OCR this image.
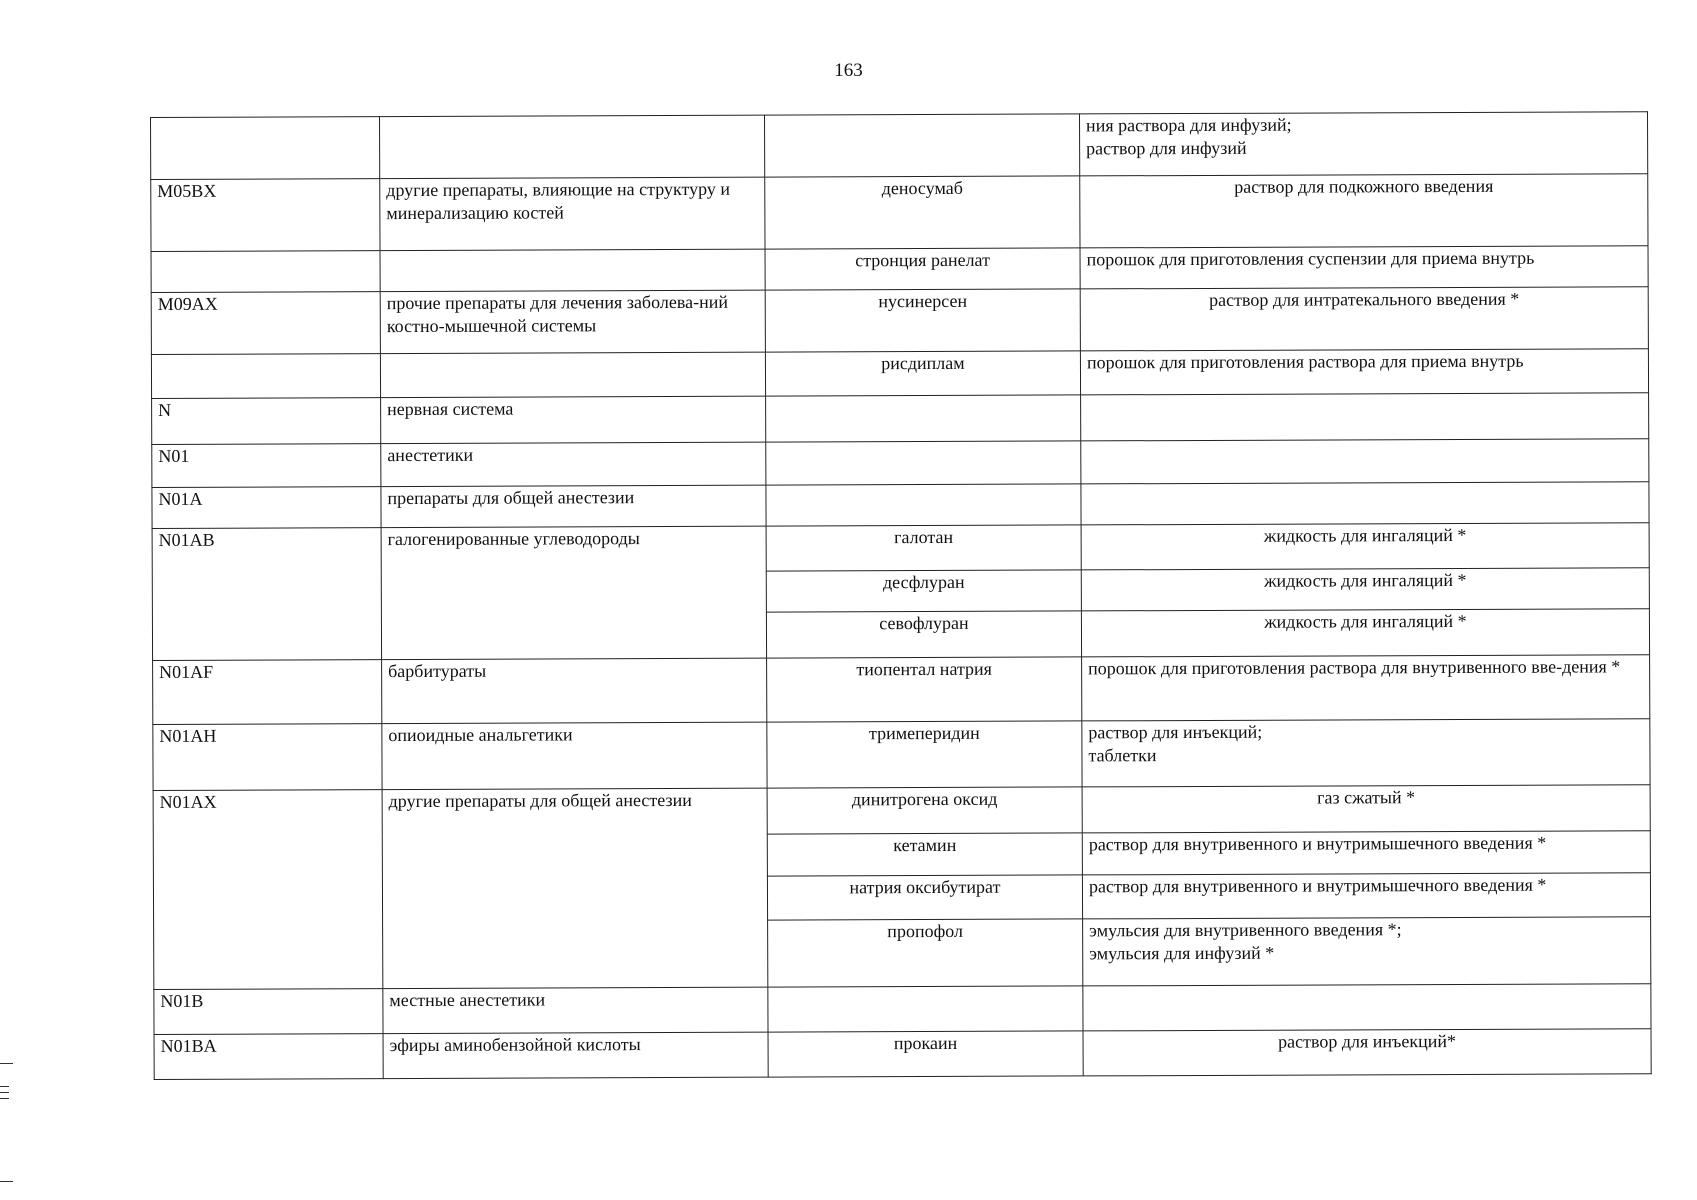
163

			ния раствора для инфузий;
раствор для инфузий

M05BX	другие препараты, влияющие на структуру и минерализацию костей	деносумаб	раствор для подкожного введения

		стронция ранелат	порошок для приготовления суспензии для приема внутрь

M09AX	прочие препараты для лечения заболева-ний костно-мышечной системы	нусинерсен	раствор для интратекального введения *

		рисдиплам	порошок для приготовления раствора для приема внутрь

N	нервная система		
N01	анестетики		
N01A	препараты для общей анестезии		
N01AB	галогенированные углеводороды	галотан	жидкость для ингаляций *

		десфлуран	жидкость для ингаляций *

		севофлуран	жидкость для ингаляций *

N01AF	барбитураты	тиопентал натрия	порошок для приготовления раствора для внутривенного вве-дения *

N01AH	опиоидные анальгетики	тримеперидин	раствор для инъекций;
таблетки

N01AX	другие препараты для общей анестезии	динитрогена оксид	газ сжатый *

		кетамин	раствор для внутривенного и внутримышечного введения *

		натрия оксибутират	раствор для внутривенного и внутримышечного введения *

		пропофол	эмульсия для внутривенного введения *;
эмульсия для инфузий *

N01B	местные анестетики		
N01BA	эфиры аминобензойной кислоты	прокаин	раствор для инъекций*
